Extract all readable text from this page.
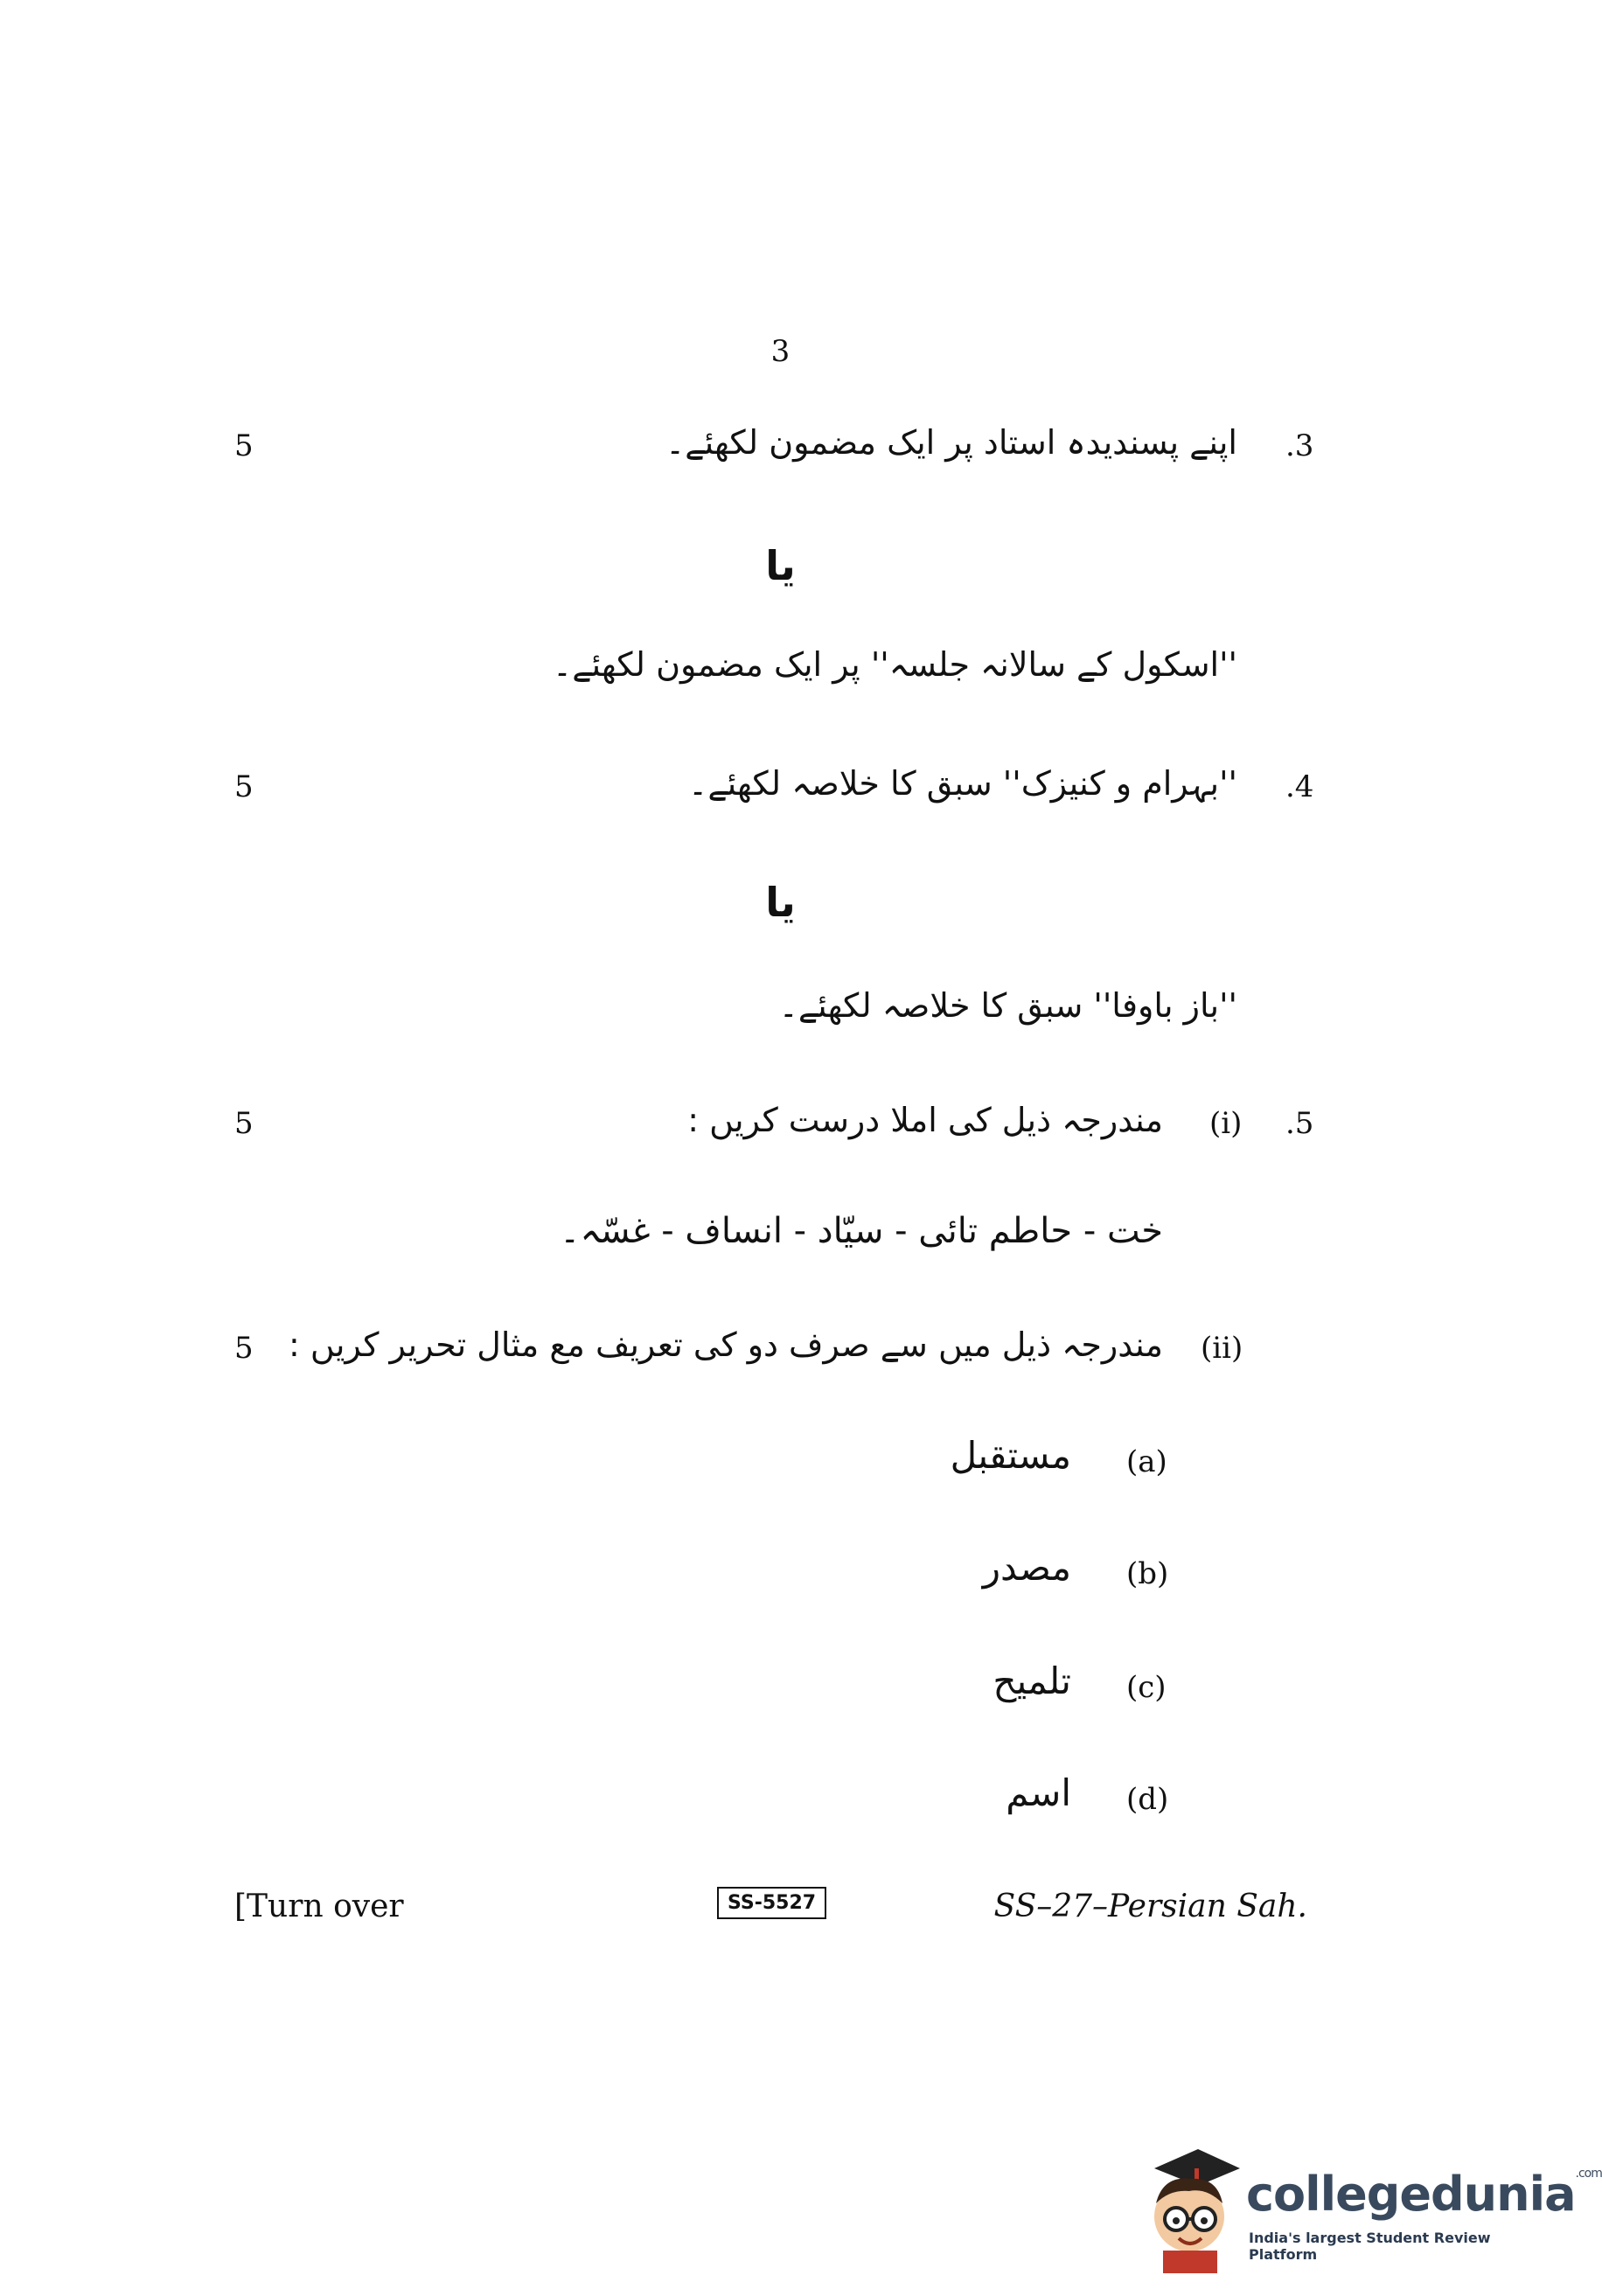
3
5	.3
اپنے پسندیدہ استاد پر ایک مضمون لکھئے۔
یا
''اسکول کے سالانہ جلسہ'' پر ایک مضمون لکھئے۔
5	.4
''بہرام و کنیزک'' سبق کا خلاصہ لکھئے۔
یا
''باز باوفا'' سبق کا خلاصہ لکھئے۔
5	.5
(i)
مندرجہ ذیل کی املا درست کریں :
خت - حاطم تائی - سیّاد - انساف - غسّہ۔
5	(ii)
مندرجہ ذیل میں سے صرف دو کی تعریف مع مثال تحریر کریں :
(a)
مستقبل
(b)
مصدر
(c)
تلمیح
(d)
اسم
[Turn over	SS-5527	SS–27–Persian Sah.
collegedunia$^{.com}$
India's largest Student Review Platform
